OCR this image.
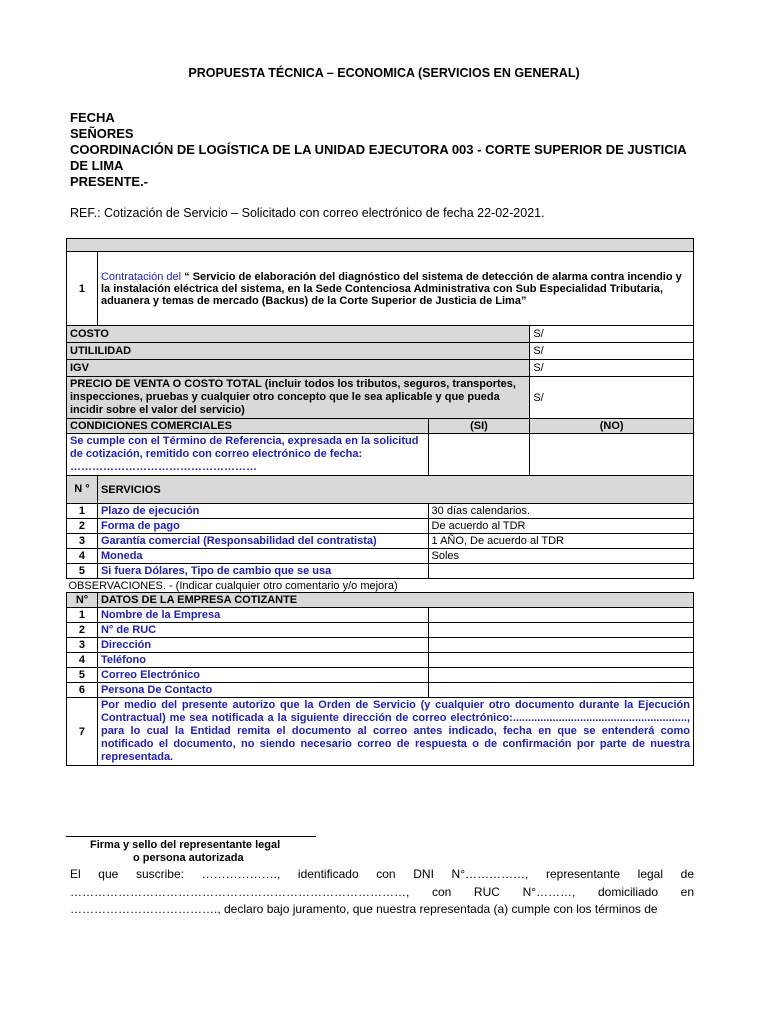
PROPUESTA TÉCNICA – ECONOMICA (SERVICIOS EN GENERAL)
FECHA
SEÑORES
COORDINACIÓN DE LOGÍSTICA DE LA UNIDAD EJECUTORA 003 - CORTE SUPERIOR DE JUSTICIA DE LIMA
PRESENTE.-
REF.: Cotización de Servicio – Solicitado con correo electrónico de fecha 22-02-2021.

1	Contratación del “ Servicio de elaboración del diagnóstico del sistema de detección de alarma contra incendio y la instalación eléctrica del sistema, en la Sede Contenciosa Administrativa con Sub Especialidad Tributaria, aduanera y temas de mercado (Backus) de la Corte Superior de Justicia de Lima”		
COSTO			S/
UTILILIDAD			S/
IGV			S/
PRECIO DE VENTA O COSTO TOTAL (incluir todos los tributos, seguros, transportes, inspecciones, pruebas y cualquier otro concepto que le sea aplicable y que pueda incidir sobre el valor del servicio)			S/
CONDICIONES COMERCIALES		(SI)	(NO)
Se cumple con el Término de Referencia, expresada en la solicitud de cotización, remitido con correo electrónico de fecha: ……………………………………………			
N °	SERVICIOS		
1	Plazo de ejecución	30 días calendarios.	
2	Forma de pago	De acuerdo al TDR	
3	Garantía comercial (Responsabilidad del contratista)	1 AÑO, De acuerdo al TDR	
4	Moneda	Soles	
5	Si fuera Dólares, Tipo de cambio que se usa		
OBSERVACIONES. - (Indicar cualquier otro comentario y/o mejora)			
N°	DATOS DE LA EMPRESA COTIZANTE		
1	Nombre de la Empresa		
2	N° de RUC		
3	Dirección		
4	Teléfono		
5	Correo Electrónico		
6	Persona De Contacto		
7	Por medio del presente autorizo que la Orden de Servicio (y cualquier otro documento durante la Ejecución Contractual) me sea notificada a la siguiente dirección de correo electrónico:........................................................., para lo cual la Entidad remita el documento al correo antes indicado, fecha en que se entenderá como notificado el documento, no siendo necesario correo de respuesta o de confirmación por parte de nuestra representada.		
Firma y sello del representante legal
o persona autorizada
El que suscribe: ………………., identificado con DNI N°……………, representante legal de …………………………………………………………………………, con RUC N°………, domiciliado en ………………………………., declaro bajo juramento, que nuestra representada (a) cumple con los términos de
